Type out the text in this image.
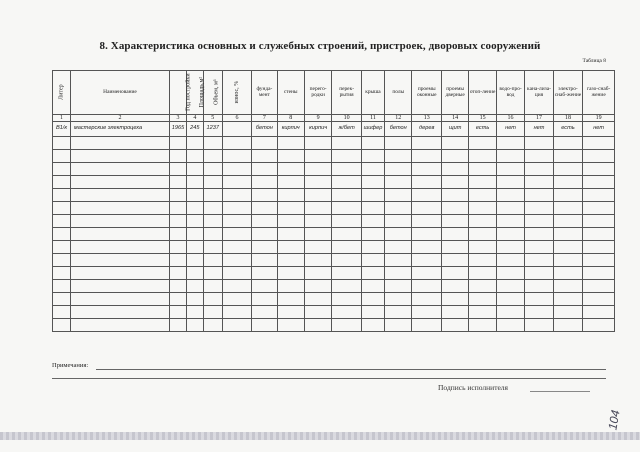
8. Характеристика основных и служебных строений, пристроек, дворовых сооружений
Таблица 8
Литер	Наименование	Год постройки	Площадь,м²	Объем, м³	износ, %	фунда-мент	стены	перего-родки	перек-рытия	крыша	полы	проемы оконные	проемы дверные	отоп-ление	водо-про-вод	кана-лиза-ция	электро-снаб-жение	газо-снаб-жение
1	2	3	4	5	6	7	8	9	10	11	12	13	14	15	16	17	18	19
В1/к	мастерские электроцеха	1965	245	1237		бетон	кирпич	кирпич	ж/бет	шифер	бетон	дерев	щит	есть	нет	нет	есть	нет

Примечания:
Подпись исполнителя
104
